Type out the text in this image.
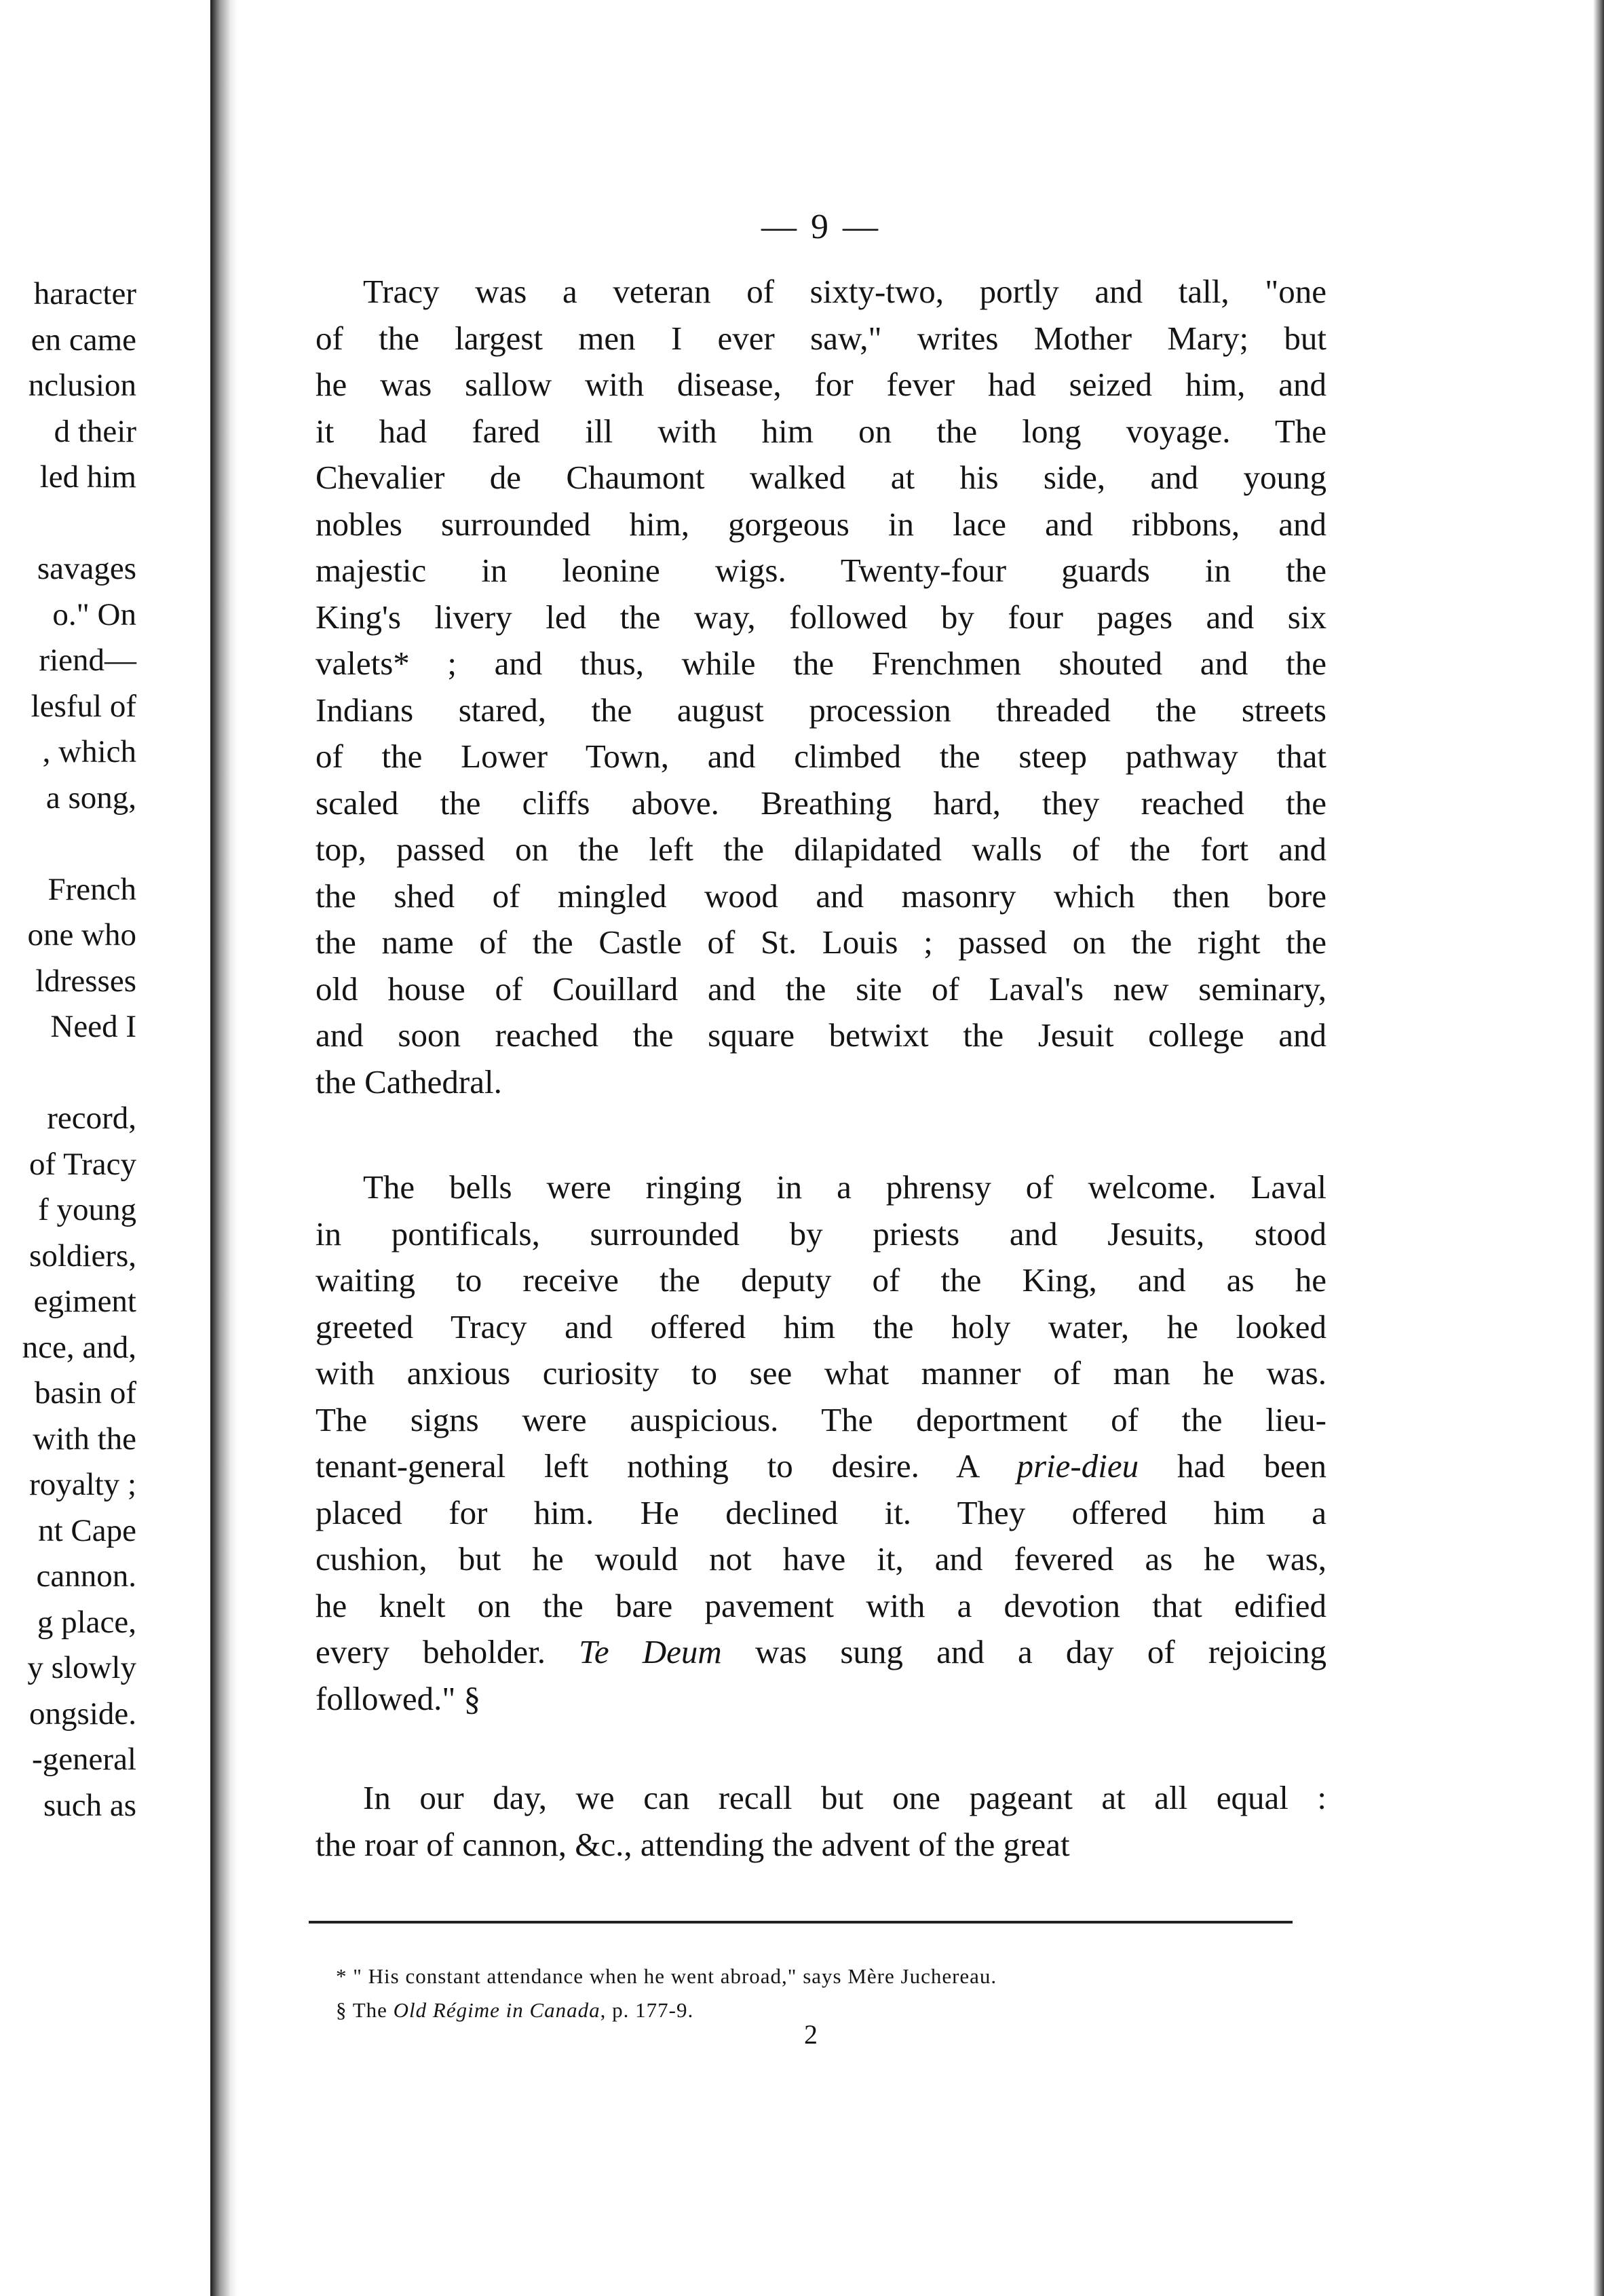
haracter
en came
nclusion
d their
led him
savages
o." On
riend—
lesful of
, which
a song,
French
one who
ldresses
Need I
record,
of Tracy
f young
soldiers,
egiment
nce, and,
basin of
with the
royalty ;
nt Cape
cannon.
g place,
y slowly
ongside.
-general
such as
— 9 —
Tracy was a veteran of sixty-two, portly and tall, "one
of the largest men I ever saw," writes Mother Mary; but
he was sallow with disease, for fever had seized him, and
it had fared ill with him on the long voyage. The
Chevalier de Chaumont walked at his side, and young
nobles surrounded him, gorgeous in lace and ribbons, and
majestic in leonine wigs. Twenty-four guards in the
King's livery led the way, followed by four pages and six
valets* ; and thus, while the Frenchmen shouted and the
Indians stared, the august procession threaded the streets
of the Lower Town, and climbed the steep pathway that
scaled the cliffs above. Breathing hard, they reached the
top, passed on the left the dilapidated walls of the fort and
the shed of mingled wood and masonry which then bore
the name of the Castle of St. Louis ; passed on the right the
old house of Couillard and the site of Laval's new seminary,
and soon reached the square betwixt the Jesuit college and
the Cathedral.
The bells were ringing in a phrensy of welcome. Laval
in pontificals, surrounded by priests and Jesuits, stood
waiting to receive the deputy of the King, and as he
greeted Tracy and offered him the holy water, he looked
with anxious curiosity to see what manner of man he was.
The signs were auspicious. The deportment of the lieu-
tenant-general left nothing to desire. A prie-dieu had been
placed for him. He declined it. They offered him a
cushion, but he would not have it, and fevered as he was,
he knelt on the bare pavement with a devotion that edified
every beholder. Te Deum was sung and a day of rejoicing
followed." §
In our day, we can recall but one pageant at all equal :
the roar of cannon, &c., attending the advent of the great
* " His constant attendance when he went abroad," says Mère Juchereau.
§ The Old Régime in Canada, p. 177-9.
2
